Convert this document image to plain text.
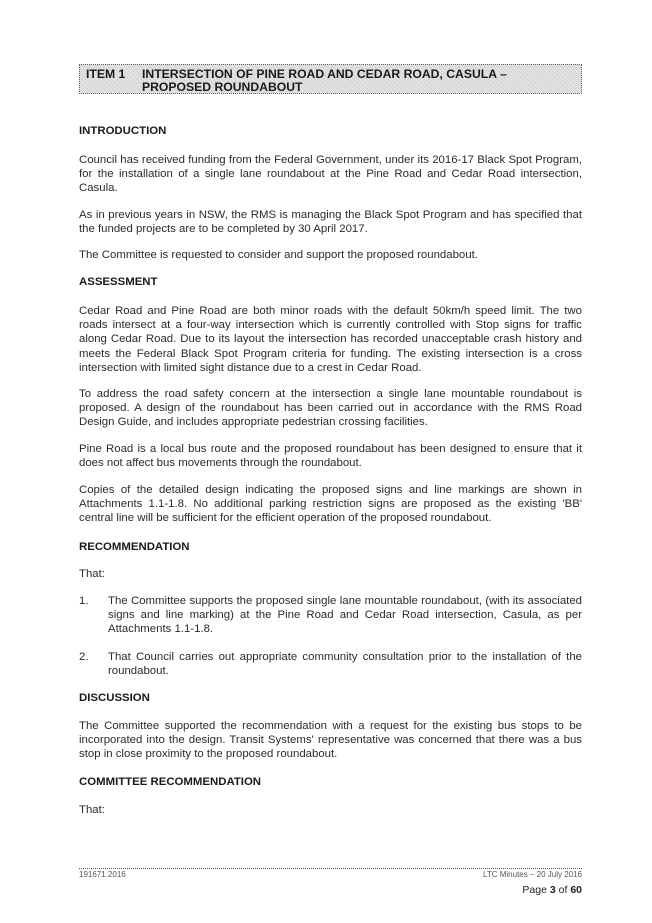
ITEM 1 INTERSECTION OF PINE ROAD AND CEDAR ROAD, CASULA – PROPOSED ROUNDABOUT
INTRODUCTION

Council has received funding from the Federal Government, under its 2016-17 Black Spot Program, for the installation of a single lane roundabout at the Pine Road and Cedar Road intersection, Casula.

As in previous years in NSW, the RMS is managing the Black Spot Program and has specified that the funded projects are to be completed by 30 April 2017.

The Committee is requested to consider and support the proposed roundabout.

ASSESSMENT

Cedar Road and Pine Road are both minor roads with the default 50km/h speed limit. The two roads intersect at a four-way intersection which is currently controlled with Stop signs for traffic along Cedar Road. Due to its layout the intersection has recorded unacceptable crash history and meets the Federal Black Spot Program criteria for funding. The existing intersection is a cross intersection with limited sight distance due to a crest in Cedar Road.

To address the road safety concern at the intersection a single lane mountable roundabout is proposed. A design of the roundabout has been carried out in accordance with the RMS Road Design Guide, and includes appropriate pedestrian crossing facilities.

Pine Road is a local bus route and the proposed roundabout has been designed to ensure that it does not affect bus movements through the roundabout.

Copies of the detailed design indicating the proposed signs and line markings are shown in Attachments 1.1-1.8. No additional parking restriction signs are proposed as the existing 'BB' central line will be sufficient for the efficient operation of the proposed roundabout.

RECOMMENDATION
That:
1. The Committee supports the proposed single lane mountable roundabout, (with its associated signs and line marking) at the Pine Road and Cedar Road intersection, Casula, as per Attachments 1.1-1.8.

2. That Council carries out appropriate community consultation prior to the installation of the roundabout.

DISCUSSION

The Committee supported the recommendation with a request for the existing bus stops to be incorporated into the design. Transit Systems' representative was concerned that there was a bus stop in close proximity to the proposed roundabout.

COMMITTEE RECOMMENDATION
That:
191671.2016	LTC Minutes – 20 July 2016
Page 3 of 60
